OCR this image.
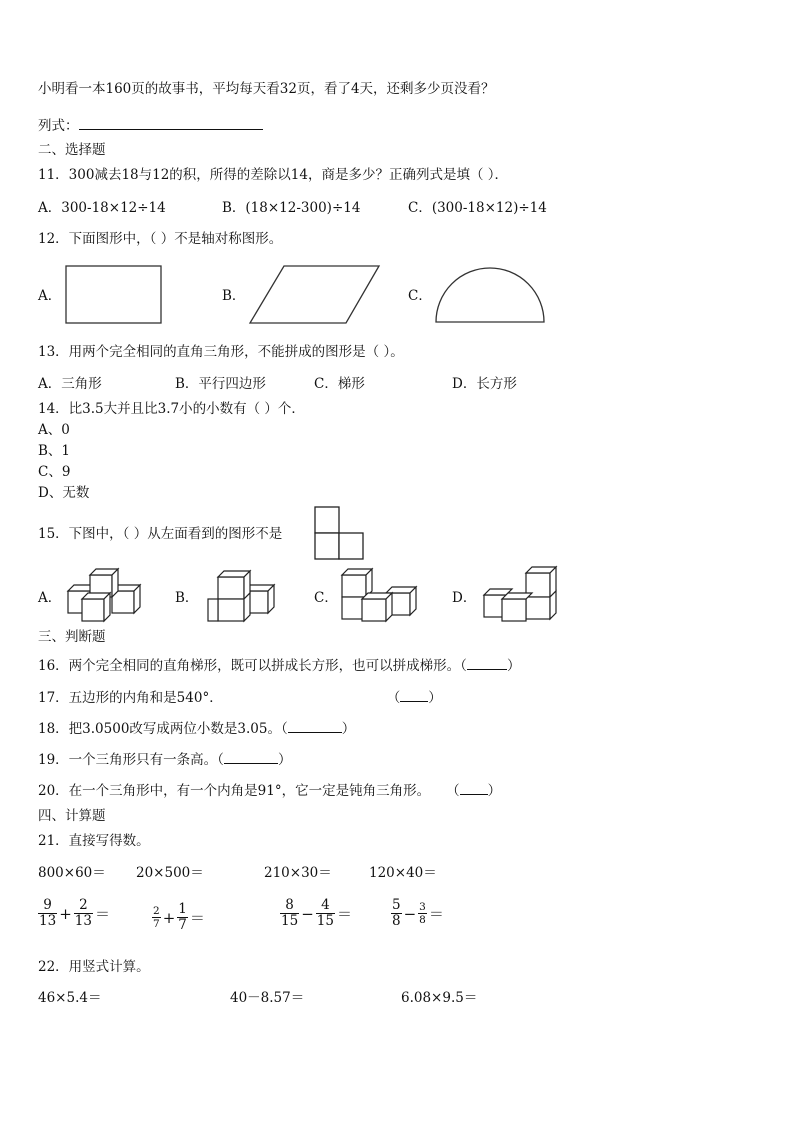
小明看一本160页的故事书，平均每天看32页，看了4天，还剩多少页没看？
列式：
二、选择题
11．300减去18与12的积，所得的差除以14，商是多少？正确列式是填（ ）．
A．300-18×12÷14	B．(18×12-300)÷14	C．(300-18×12)÷14
12．下面图形中，（ ）不是轴对称图形。
A．	B．	C．
13．用两个完全相同的直角三角形，不能拼成的图形是（ ）。
A．三角形	B．平行四边形	C．梯形	D．长方形
14．比3.5大并且比3.7小的小数有（ ）个．
A、0
B、1
C、9
D、无数
15．下图中，（ ）从左面看到的图形不是
A．	B．	C．	D．
三、判断题
16．两个完全相同的直角梯形，既可以拼成长方形，也可以拼成梯形。（	）
17．五边形的内角和是540°．	（ ）
18．把3.0500改写成两位小数是3.05。（	）
19．一个三角形只有一条高。（	）
20．在一个三角形中，有一个内角是91°，它一定是钝角三角形。 （ ）
四、计算题
21．直接写得数。
800×60＝ 20×500＝	210×30＝	120×40＝
$\frac{9}{13} + \frac{2}{13}$ ＝	$\frac{2}{7} + \frac{1}{7}$ ＝	$\frac{8}{15} - \frac{4}{15}$ ＝	$\frac{5}{8} - \frac{3}{8}$ ＝
22．用竖式计算。
46×5.4＝	40－8.57＝	6.08×9.5＝
